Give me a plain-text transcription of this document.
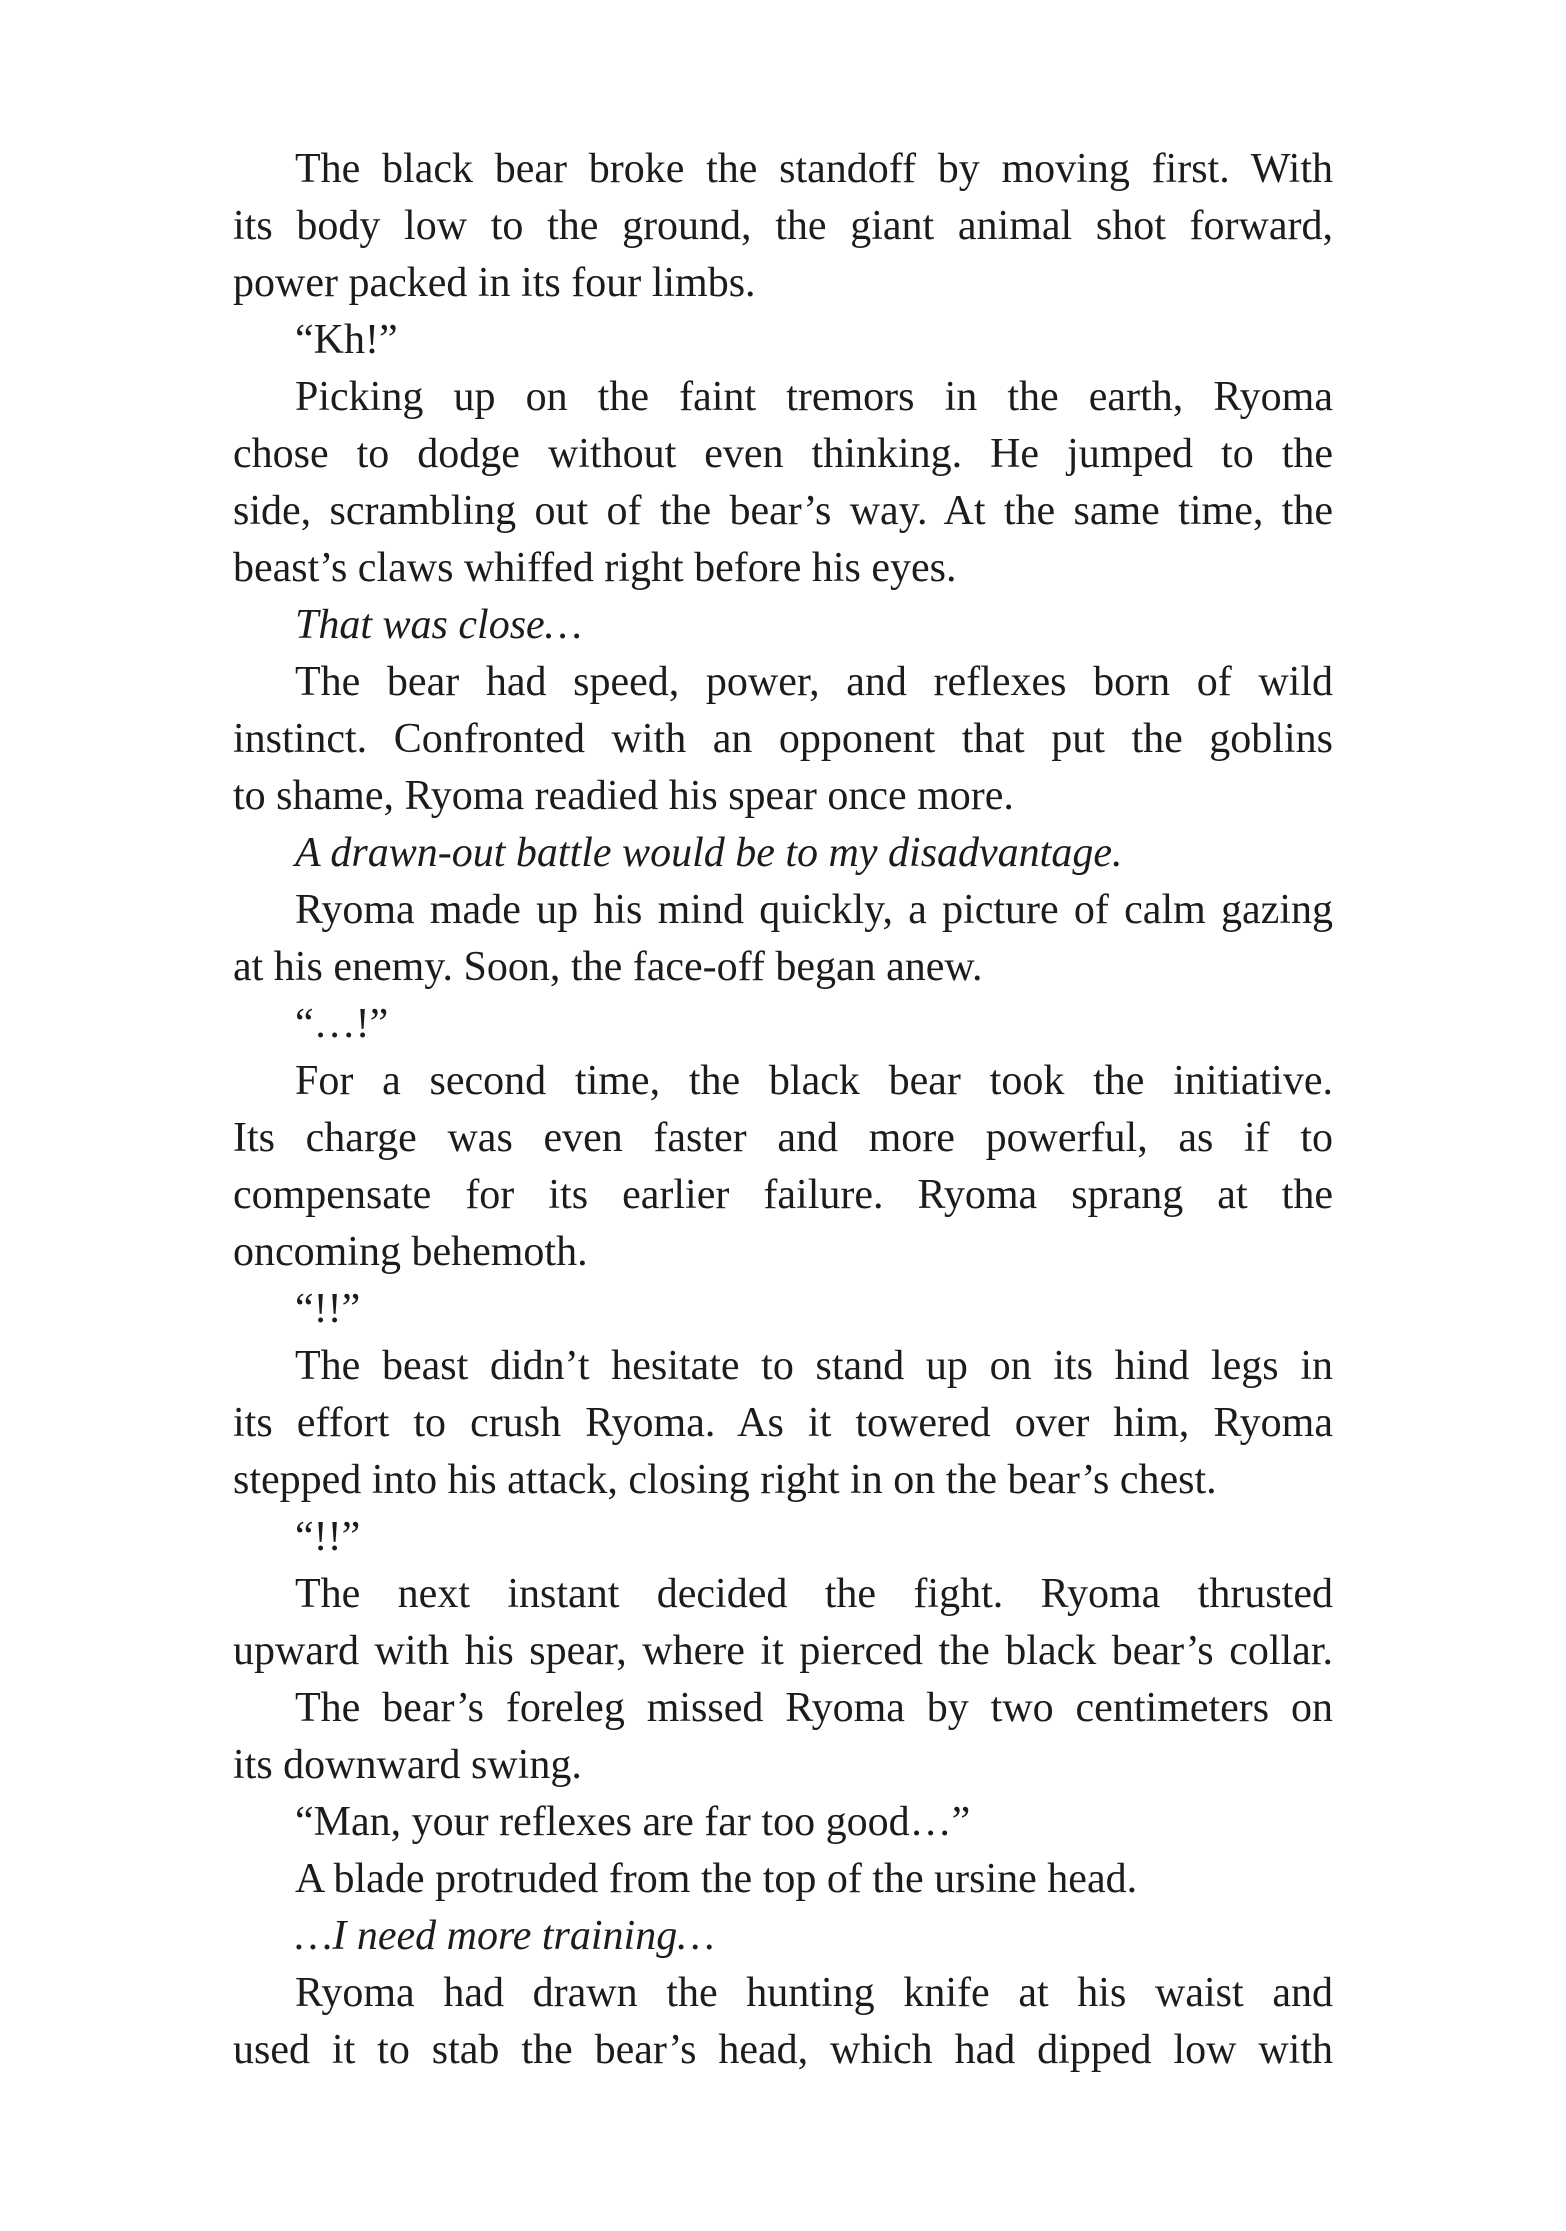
The black bear broke the standoff by moving first. With
its body low to the ground, the giant animal shot forward,
power packed in its four limbs.
“Kh!”
Picking up on the faint tremors in the earth, Ryoma
chose to dodge without even thinking. He jumped to the
side, scrambling out of the bear’s way. At the same time, the
beast’s claws whiffed right before his eyes.
That was close…
The bear had speed, power, and reflexes born of wild
instinct. Confronted with an opponent that put the goblins
to shame, Ryoma readied his spear once more.
A drawn-out battle would be to my disadvantage.
Ryoma made up his mind quickly, a picture of calm gazing
at his enemy. Soon, the face-off began anew.
“…!”
For a second time, the black bear took the initiative.
Its charge was even faster and more powerful, as if to
compensate for its earlier failure. Ryoma sprang at the
oncoming behemoth.
“!!”
The beast didn’t hesitate to stand up on its hind legs in
its effort to crush Ryoma. As it towered over him, Ryoma
stepped into his attack, closing right in on the bear’s chest.
“!!”
The next instant decided the fight. Ryoma thrusted
upward with his spear, where it pierced the black bear’s collar.
The bear’s foreleg missed Ryoma by two centimeters on
its downward swing.
“Man, your reflexes are far too good…”
A blade protruded from the top of the ursine head.
…I need more training…
Ryoma had drawn the hunting knife at his waist and
used it to stab the bear’s head, which had dipped low with
